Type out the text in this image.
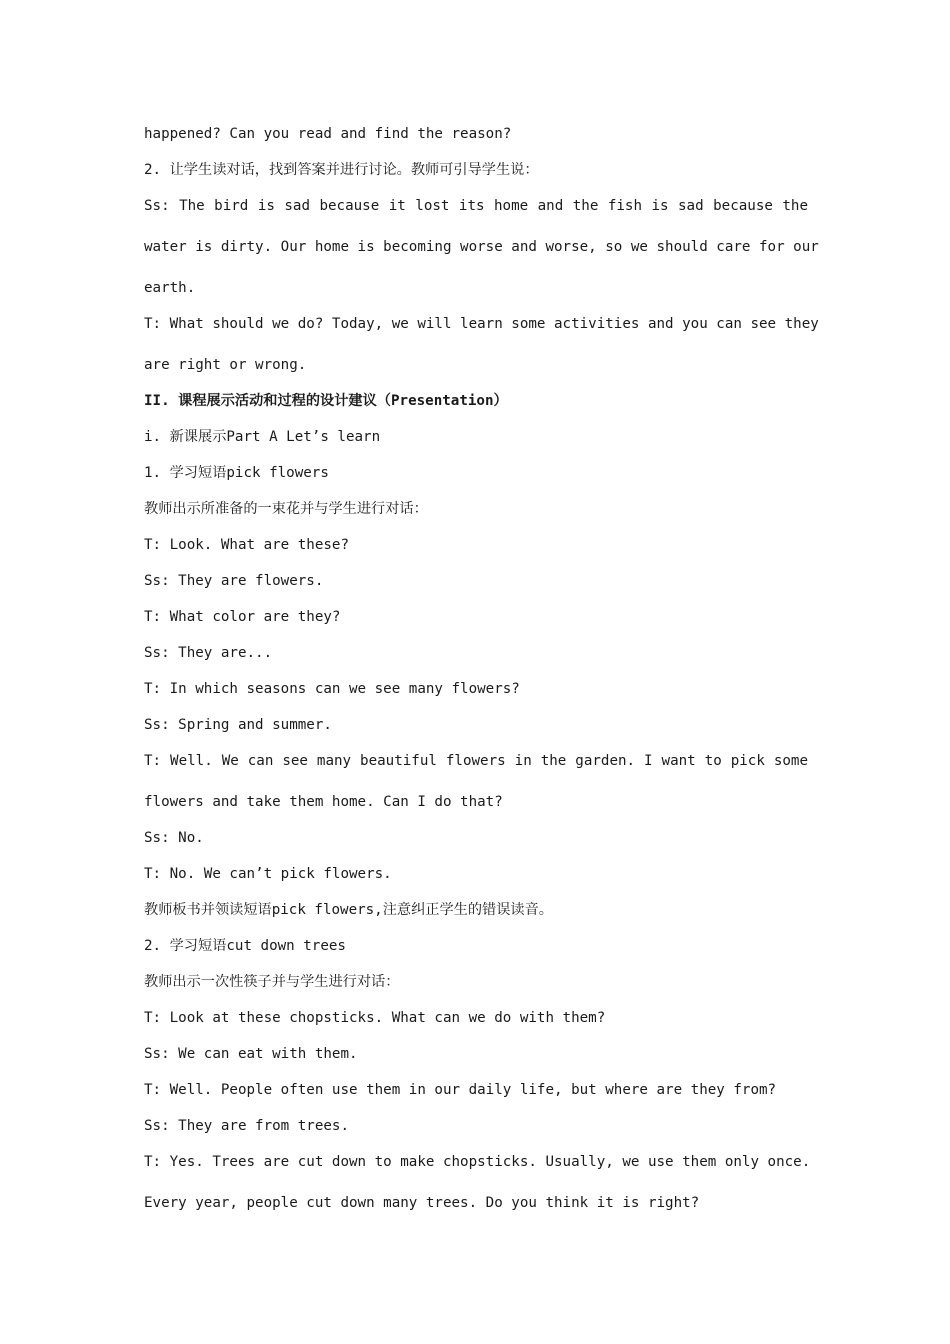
happened? Can you read and find the reason?
2. 让学生读对话，找到答案并进行讨论。教师可引导学生说：
Ss: The bird is sad because it lost its home and the fish is sad because the
water is dirty. Our home is becoming worse and worse, so we should care for our
earth.
T: What should we do? Today, we will learn some activities and you can see they
are right or wrong.
II. 课程展示活动和过程的设计建议（Presentation）
i. 新课展示Part A Let’s learn
1. 学习短语pick flowers
教师出示所准备的一束花并与学生进行对话：
T: Look. What are these?
Ss: They are flowers.
T: What color are they?
Ss: They are...
T: In which seasons can we see many flowers?
Ss: Spring and summer.
T: Well. We can see many beautiful flowers in the garden. I want to pick some
flowers and take them home. Can I do that?
Ss: No.
T: No. We can’t pick flowers.
教师板书并领读短语pick flowers,注意纠正学生的错误读音。
2. 学习短语cut down trees
教师出示一次性筷子并与学生进行对话：
T: Look at these chopsticks. What can we do with them?
Ss: We can eat with them.
T: Well. People often use them in our daily life, but where are they from?
Ss: They are from trees.
T: Yes. Trees are cut down to make chopsticks. Usually, we use them only once.
Every year, people cut down many trees. Do you think it is right?
